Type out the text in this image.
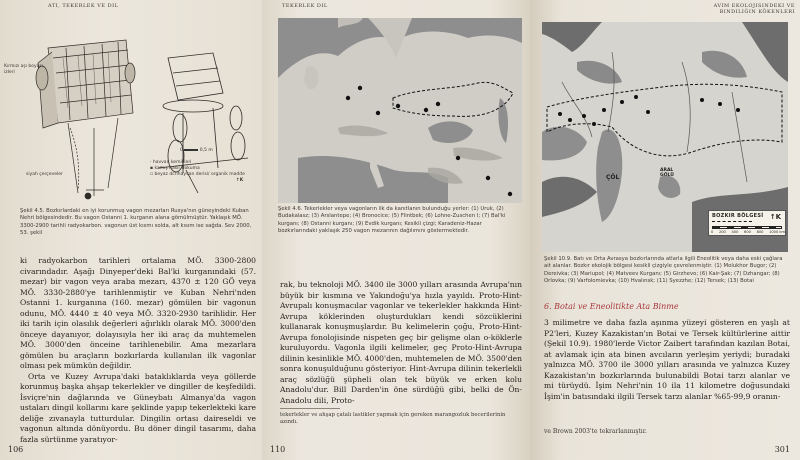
ATI, TEKERLEK VE DIL
Kırmızı aşı boyası izleri
siyah çerçeveler
· havvan kemikleri
▪ kamış hasır dokuma
▫ beyaz dcrihayvan derisi/ organik madde
0	0,5 m
↑K
Şekil 4.5. Bozkırlardaki en iyi korunmuş vagon mezarları Rusya'nın güneyindeki Kuban Nehri bölgesindedir. Bu vagon Ostanni 1. kurganın alana gömülmüştür. Yaklaşık MÖ. 3300-2900 tarihli radyokarbon. vagonun üst kısmı solda, alt kısım ise sağda. Sev 2000, 53. şekil

ki radyokarbon tarihleri ortalama MÖ. 3300-2800 civarındadır. Aşağı Dinyeper'deki Bal'ki kurganındaki (57. mezar) bir vagon veya araba mezarı, 4370 ± 120 GÖ veya MÖ. 3330-2880'ye tarihlenmiştir ve Kuban Nehri'nden Ostanni 1. kurganına (160. mezar) gömülen bir vagonun odunu, MÖ. 4440 ± 40 veya MÖ. 3320-2930 tarihlidir. Her iki tarih için olasılık değerleri ağırlıklı olarak MÖ. 3000'den önceye dayanıyor, dolayısıyla her iki araç da muhtemelen MÖ. 3000'den önceine tarihlenebilir. Ama mezarlara gömülen bu araçların bozkırlarda kullanılan ilk vagonlar olması pek mümkün değildir.

Orta ve Kuzey Avrupa'daki bataklıklarda veya göllerde korunmuş başka ahşap tekerlekler ve dingiller de keşfedildi. İsviçre'nin dağlarında ve Güneybatı Almanya'da vagon ustaları dingil kollarını kare şeklinde yapıp tekerlekteki kare deliğe zıvanayla tutturdular. Dingilin ortası daireseldi ve vagonun altında dönüyordu. Bu döner dingil tasarımı, daha fazla sürtünme yaratıyor-

106
TEKERLEK DIL
Şekil 4.6. Tekerlekler veya vagonların ilk da kanıtlanın bulunduğu yerler: (1) Uruk, (2) Budakalasz; (3) Arslantepe; (4) Bronocice; (5) Flintbek; (6) Lohne-Zuschen I; (7) Bal'ki kurganı; (8) Ostanni kurganı; (9) Evdik kurganı; Kesikli çizgi; Karadeniz-Hazar bozkırlarındaki yaklaşık 250 vagon mezarının dağılımını göstermektedir.

rak, bu teknoloji MÖ. 3400 ile 3000 yılları arasında Avrupa'nın büyük bir kısmına ve Yakındoğu'ya hızla yayıldı. Proto-Hint-Avrupalı konuşmacılar vagonlar ve tekerlekler hakkında Hint-Avrupa köklerinden oluşturdukları kendi sözcüklerini kullanarak konuşmuşlardır. Bu kelimelerin çoğu, Proto-Hint-Avrupa fonolojisinde nispeten geç bir gelişme olan o-köklerle kuruluyordu. Vagonla ilgili kelimeler, geç Proto-Hint-Avrupa dilinin kesinlikle MÖ. 4000'den, muhtemelen de MÖ. 3500'den sonra konuşulduğunu gösteriyor. Hint-Avrupa dilinin tekerlekli araç sözlüğü şüpheli olan tek büyük ve erken kolu Anadolu'dur. Bill Darden'in öne sürdüğü gibi, belki de Ön-Anadolu dili, Proto-

tekerlekler ve ahşap çatalı lastikler yapmak için gereken marangozluk becerilerinin azındı.
110
AVIM EKOLOJISINDEKI VE BINDILIĞIN KÖKENLERI
ÇÖL
ARAL GÖLÜ
BOZKIR BÖLGESİ ↑K
0 200 400 600 800 1000 km
Şekil 10.9. Batı ve Orta Avrasya bozkırlarında atlarla ilgili Eneolitik veya daha eski çağlara ait alanlar. Bozkır ekolojik bölgesi kesikli çizgiyle çevrelenmiştir. (1) Molukhor Bugor; (2) Dereivka; (3) Mariupol; (4) Matveev Kurganı; (5) Girzhevo; (6) Kair-Şak; (7) Dzhangar; (8) Orlovka; (9) Varfolomievka; (10) Hvalınsk; (11) Syezzhe; (12) Tersek; (13) Botai
6. Botai ve Eneolitikte Ata Binme

3 milimetre ve daha fazla aşınma yüzeyi gösteren en yaşlı at P2'leri, Kuzey Kazakistan'ın Botai ve Tersek kültürlerine aittir (Şekil 10.9). 1980'lerde Victor Zaibert tarafından kazılan Botai, at avlamak için ata binen avcıların yerleşim yeriydi; buradaki yalnızca MÖ. 3700 ile 3000 yılları arasında ve yalnızca Kuzey Kazakistan'ın bozkırlarında bulunabildi Botai tarzı alanlar ve mi türüydü. İşim Nehri'nin 10 ila 11 kilometre doğusundaki İşim'in batısındaki ilgili Tersek tarzı alanlar %65-99,9 oranın-

ve Brown 2003'te tekrarlanmıştır.
301
